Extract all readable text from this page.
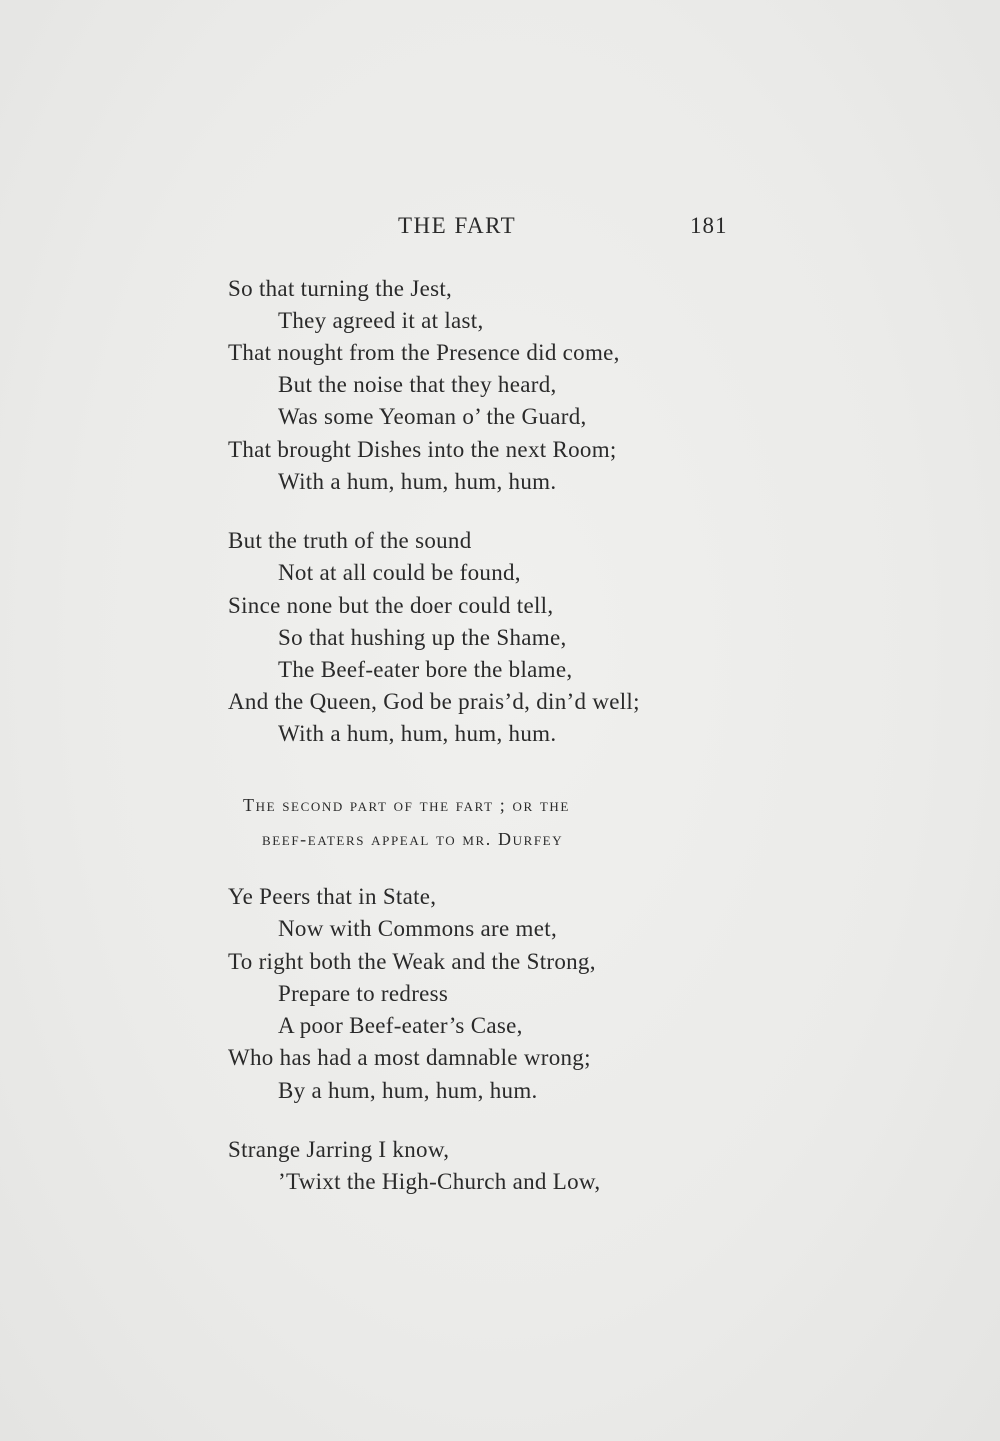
THE FART	181
So that turning the Jest,
They agreed it at last,
That nought from the Presence did come,
But the noise that they heard,
Was some Yeoman o’ the Guard,
That brought Dishes into the next Room;
With a hum, hum, hum, hum.
But the truth of the sound
Not at all could be found,
Since none but the doer could tell,
So that hushing up the Shame,
The Beef-eater bore the blame,
And the Queen, God be prais’d, din’d well;
With a hum, hum, hum, hum.
The second part of the fart ; or the
beef-eaters appeal to mr. Durfey
Ye Peers that in State,
Now with Commons are met,
To right both the Weak and the Strong,
Prepare to redress
A poor Beef-eater’s Case,
Who has had a most damnable wrong;
By a hum, hum, hum, hum.
Strange Jarring I know,
’Twixt the High-Church and Low,
